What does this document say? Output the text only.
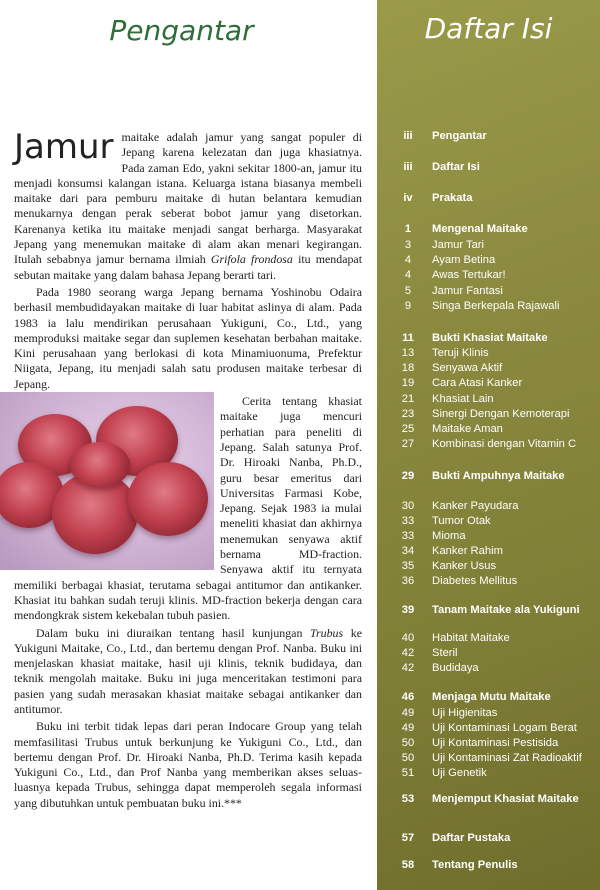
Pengantar

Jamur maitake adalah jamur yang sangat populer di Jepang karena kelezatan dan juga khasiatnya. Pada zaman Edo, yakni sekitar 1800-an, jamur itu menjadi konsumsi kalangan istana. Keluarga istana biasanya membeli maitake dari para pemburu maitake di hutan belantara kemudian menukarnya dengan perak seberat bobot jamur yang disetorkan. Karenanya ketika itu maitake menjadi sangat berharga. Masyarakat Jepang yang menemukan maitake di alam akan menari kegirangan. Itulah sebabnya jamur bernama ilmiah Grifola frondosa itu mendapat sebutan maitake yang dalam bahasa Jepang berarti tari.

Pada 1980 seorang warga Jepang bernama Yoshinobu Odaira berhasil membudidayakan maitake di luar habitat aslinya di alam. Pada 1983 ia lalu mendirikan perusahaan Yukiguni, Co., Ltd., yang memproduksi maitake segar dan suplemen kesehatan berbahan maitake. Kini perusahaan yang berlokasi di kota Minamiuonuma, Prefektur Niigata, Jepang, itu menjadi salah satu produsen maitake terbesar di Jepang.

Cerita tentang khasiat maitake juga mencuri perhatian para peneliti di Jepang. Salah satunya Prof. Dr. Hiroaki Nanba, Ph.D., guru besar emeritus dari Universitas Farmasi Kobe, Jepang. Sejak 1983 ia mulai meneliti khasiat dan akhirnya menemukan senyawa aktif bernama MD-fraction. Senyawa aktif itu ternyata memiliki berbagai khasiat, terutama sebagai antitumor dan antikanker. Khasiat itu bahkan sudah teruji klinis. MD-fraction bekerja dengan cara mendongkrak sistem kekebalan tubuh pasien.

Dalam buku ini diuraikan tentang hasil kunjungan Trubus ke Yukiguni Maitake, Co., Ltd., dan bertemu dengan Prof. Nanba. Buku ini menjelaskan khasiat maitake, hasil uji klinis, teknik budidaya, dan teknik mengolah maitake. Buku ini juga menceritakan testimoni para pasien yang sudah merasakan khasiat maitake sebagai antikanker dan antitumor.

Buku ini terbit tidak lepas dari peran Indocare Group yang telah memfasilitasi Trubus untuk berkunjung ke Yukiguni Co., Ltd., dan bertemu dengan Prof. Dr. Hiroaki Nanba, Ph.D. Terima kasih kepada Yukiguni Co., Ltd., dan Prof Nanba yang memberikan akses seluas-luasnya kepada Trubus, sehingga dapat memperoleh segala informasi yang dibutuhkan untuk pembuatan buku ini.***

Daftar Isi
iii	Pengantar
iii	Daftar Isi
iv	Prakata
1	Mengenal Maitake
3	Jamur Tari
4	Ayam Betina
4	Awas Tertukar!
5	Jamur Fantasi
9	Singa Berkepala Rajawali
11	Bukti Khasiat Maitake
13	Teruji Klinis
18	Senyawa Aktif
19	Cara Atasi Kanker
21	Khasiat Lain
23	Sinergi Dengan Kemoterapi
25	Maitake Aman
27	Kombinasi dengan Vitamin C
29	Bukti Ampuhnya Maitake
30	Kanker Payudara
33	Tumor Otak
33	Mioma
34	Kanker Rahim
35	Kanker Usus
36	Diabetes Mellitus
39	Tanam Maitake ala Yukiguni
40	Habitat Maitake
42	Steril
42	Budidaya
46	Menjaga Mutu Maitake
49	Uji Higienitas
49	Uji Kontaminasi Logam Berat
50	Uji Kontaminasi Pestisida
50	Uji Kontaminasi Zat Radioaktif
51	Uji Genetik
53	Menjemput Khasiat Maitake
57	Daftar Pustaka
58	Tentang Penulis
